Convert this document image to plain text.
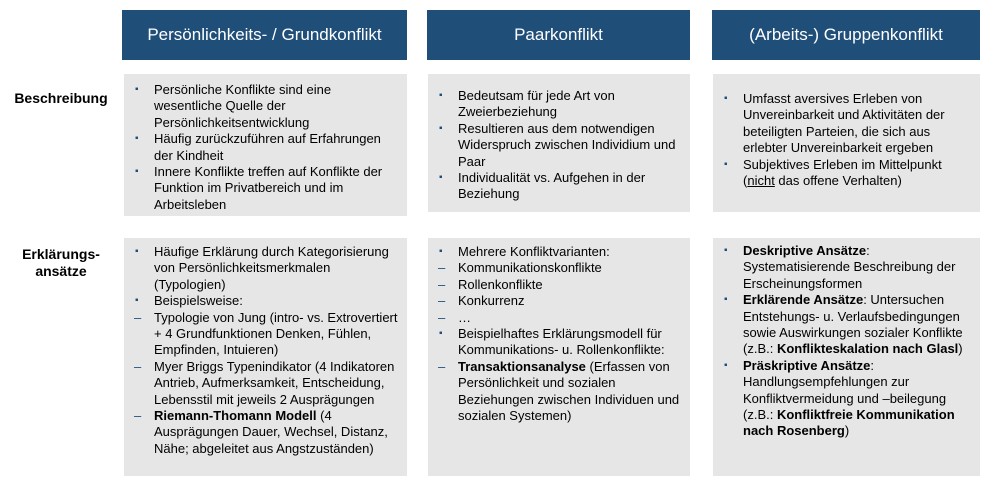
Persönlichkeits- / Grundkonflikt	Paarkonflikt	(Arbeits-) Gruppenkonflikt
Beschreibung
Erklärungs-
ansätze
▪ Persönliche Konflikte sind eine wesentliche Quelle der Persönlichkeitsentwicklung
▪ Häufig zurückzuführen auf Erfahrungen der Kindheit
▪ Innere Konflikte treffen auf Konflikte der Funktion im Privatbereich und im Arbeitsleben
▪ Bedeutsam für jede Art von Zweierbeziehung
▪ Resultieren aus dem notwendigen Widerspruch zwischen Individium und Paar
▪ Individualität vs. Aufgehen in der Beziehung
▪ Umfasst aversives Erleben von Unvereinbarkeit und Aktivitäten der beteiligten Parteien, die sich aus erlebter Unvereinbarkeit ergeben
▪ Subjektives Erleben im Mittelpunkt
(nicht das offene Verhalten)
▪ Häufige Erklärung durch Kategorisierung von Persönlichkeitsmerkmalen (Typologien)
▪ Beispielsweise:
– Typologie von Jung (intro- vs. Extrovertiert + 4 Grundfunktionen Denken, Fühlen, Empfinden, Intuieren)
– Myer Briggs Typenindikator (4 Indikatoren Antrieb, Aufmerksamkeit, Entscheidung, Lebensstil mit jeweils 2 Ausprägungen
– Riemann-Thomann Modell (4 Ausprägungen Dauer, Wechsel, Distanz, Nähe; abgeleitet aus Angstzuständen)
▪ Mehrere Konfliktvarianten:
– Kommunikationskonflikte
– Rollenkonflikte
– Konkurrenz
– …
▪ Beispielhaftes Erklärungsmodell für Kommunikations- u. Rollenkonflikte:
– Transaktionsanalyse (Erfassen von Persönlichkeit und sozialen Beziehungen zwischen Individuen und sozialen Systemen)
▪ Deskriptive Ansätze: Systematisierende Beschreibung der Erscheinungsformen
▪ Erklärende Ansätze: Untersuchen Entstehungs- u. Verlaufsbedingungen sowie Auswirkungen sozialer Konflikte (z.B.: Konflikteskalation nach Glasl)
▪ Präskriptive Ansätze: Handlungsempfehlungen zur Konfliktvermeidung und –beilegung (z.B.: Konfliktfreie Kommunikation nach Rosenberg)
